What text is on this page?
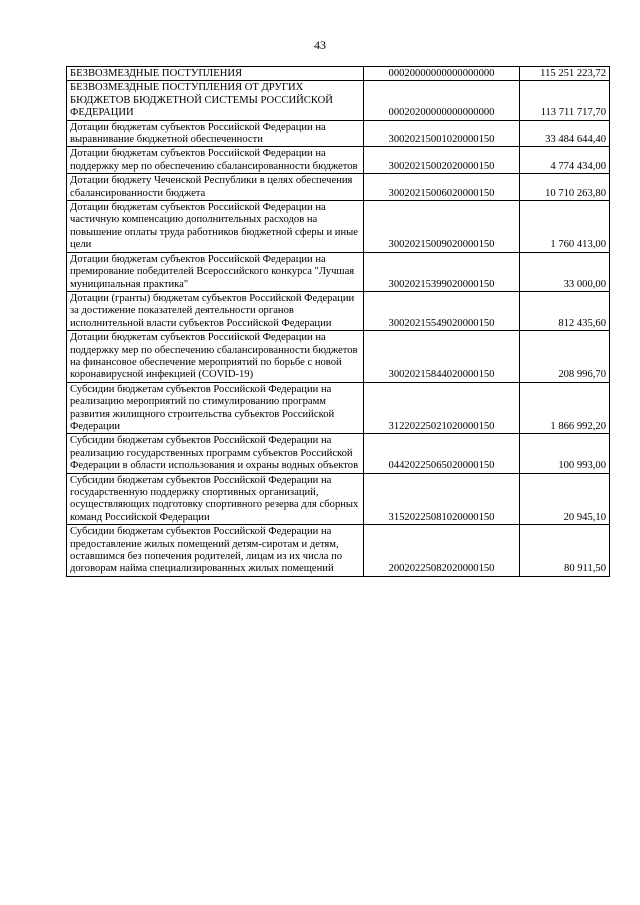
43
БЕЗВОЗМЕЗДНЫЕ ПОСТУПЛЕНИЯ	00020000000000000000	115 251 223,72
БЕЗВОЗМЕЗДНЫЕ ПОСТУПЛЕНИЯ ОТ ДРУГИХ БЮДЖЕТОВ БЮДЖЕТНОЙ СИСТЕМЫ РОССИЙСКОЙ ФЕДЕРАЦИИ	00020200000000000000	113 711 717,70
Дотации бюджетам субъектов Российской Федерации на выравнивание бюджетной обеспеченности	30020215001020000150	33 484 644,40
Дотации бюджетам субъектов Российской Федерации на поддержку мер по обеспечению сбалансированности бюджетов	30020215002020000150	4 774 434,00
Дотации бюджету Чеченской Республики в целях обеспечения сбалансированности бюджета	30020215006020000150	10 710 263,80
Дотации бюджетам субъектов Российской Федерации на частичную компенсацию дополнительных расходов на повышение оплаты труда работников бюджетной сферы и иные цели	30020215009020000150	1 760 413,00
Дотации бюджетам субъектов Российской Федерации на премирование победителей Всероссийского конкурса "Лучшая муниципальная практика"	30020215399020000150	33 000,00
Дотации (гранты) бюджетам субъектов Российской Федерации за достижение показателей деятельности органов исполнительной власти субъектов Российской Федерации	30020215549020000150	812 435,60
Дотации бюджетам субъектов Российской Федерации на поддержку мер по обеспечению сбалансированности бюджетов на финансовое обеспечение мероприятий по борьбе с новой коронавирусной инфекцией (COVID-19)	30020215844020000150	208 996,70
Субсидии бюджетам субъектов Российской Федерации на реализацию мероприятий по стимулированию программ развития жилищного строительства субъектов Российской Федерации	31220225021020000150	1 866 992,20
Субсидии бюджетам субъектов Российской Федерации на реализацию государственных программ субъектов Российской Федерации в области использования и охраны водных объектов	04420225065020000150	100 993,00
Субсидии бюджетам субъектов Российской Федерации на государственную поддержку спортивных организаций, осуществляющих подготовку спортивного резерва для сборных команд Российской Федерации	31520225081020000150	20 945,10
Субсидии бюджетам субъектов Российской Федерации на предоставление жилых помещений детям-сиротам и детям, оставшимся без попечения родителей, лицам из их числа по договорам найма специализированных жилых помещений	20020225082020000150	80 911,50
